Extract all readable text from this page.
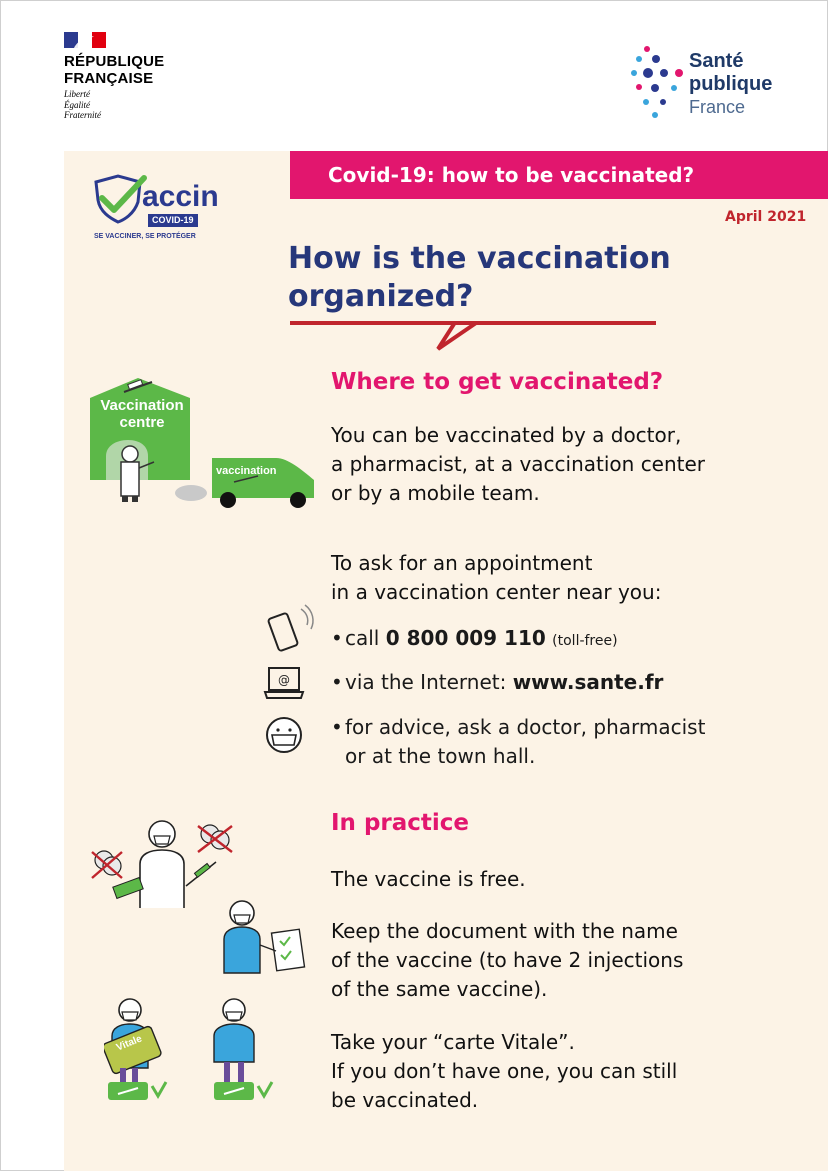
RÉPUBLIQUE
FRANÇAISE
Liberté
Égalité
Fraternité
Santé
publique
France
Covid-19: how to be vaccinated?
April 2021
accin
COVID-19
SE VACCINER, SE PROTÉGER
How is the vaccination
organized?
Vaccination
centre
vaccination
Where to get vaccinated?
You can be vaccinated by a doctor,
a pharmacist, at a vaccination center
or by a mobile team.
To ask for an appointment
in a vaccination center near you:
• call 0 800 009 110 (toll-free)
@ • via the Internet: www.sante.fr
• for advice, ask a doctor, pharmacist
or at the town hall.
Vitale
In practice
The vaccine is free.
Keep the document with the name
of the vaccine (to have 2 injections
of the same vaccine).
Take your “carte Vitale”.
If you don’t have one, you can still
be vaccinated.
